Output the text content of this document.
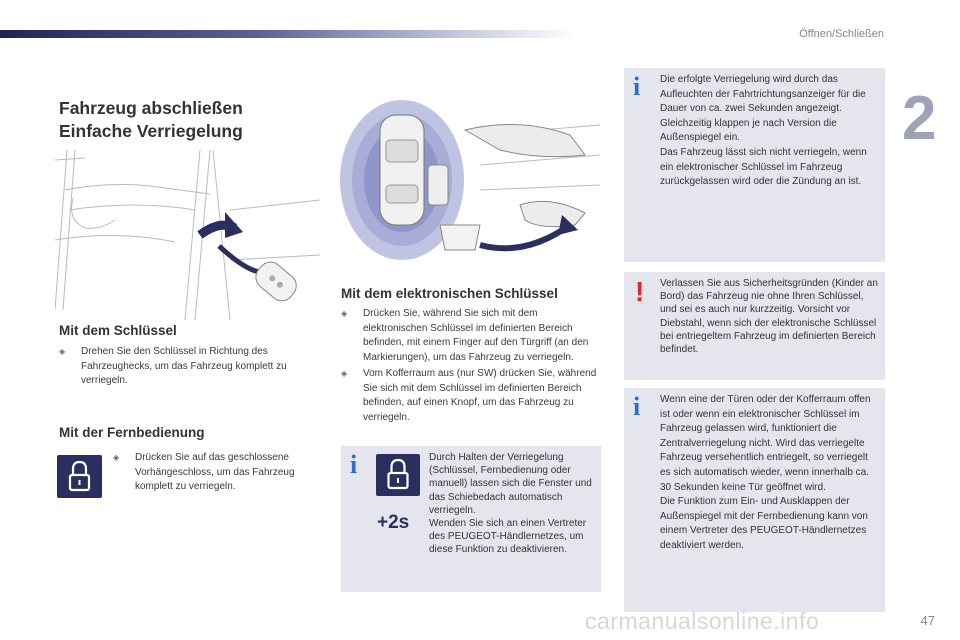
Öffnen/Schließen
2
Fahrzeug abschließen
Einfache Verriegelung
Mit dem Schlüssel

◈ Drehen Sie den Schlüssel in Richtung des Fahrzeughecks, um das Fahrzeug komplett zu verriegeln.

Mit der Fernbedienung

◈ Drücken Sie auf das geschlossene Vorhängeschloss, um das Fahrzeug komplett zu verriegeln.

Mit dem elektronischen Schlüssel

◈ Drücken Sie, während Sie sich mit dem elektronischen Schlüssel im definierten Bereich befinden, mit einem Finger auf den Türgriff (an den Markierungen), um das Fahrzeug zu verriegeln.

◈ Vom Kofferraum aus (nur SW) drücken Sie, während Sie sich mit dem Schlüssel im definierten Bereich befinden, auf einen Knopf, um das Fahrzeug zu verriegeln.

i
+2s

Durch Halten der Verriegelung (Schlüssel, Fernbedienung oder manuell) lassen sich die Fenster und das Schiebedach automatisch verriegeln.

Wenden Sie sich an einen Vertreter des PEUGEOT-Händlernetzes, um diese Funktion zu deaktivieren.

i Die erfolgte Verriegelung wird durch das Aufleuchten der Fahrtrichtungsanzeiger für die Dauer von ca. zwei Sekunden angezeigt. Gleichzeitig klappen je nach Version die Außenspiegel ein.

Das Fahrzeug lässt sich nicht verriegeln, wenn ein elektronischer Schlüssel im Fahrzeug zurückgelassen wird oder die Zündung an ist.

! Verlassen Sie aus Sicherheitsgründen (Kinder an Bord) das Fahrzeug nie ohne Ihren Schlüssel, und sei es auch nur kurzzeitig. Vorsicht vor Diebstahl, wenn sich der elektronische Schlüssel bei entriegeltem Fahrzeug im definierten Bereich befindet.
i Wenn eine der Türen oder der Kofferraum offen ist oder wenn ein elektronischer Schlüssel im Fahrzeug gelassen wird, funktioniert die Zentralverriegelung nicht. Wird das verriegelte Fahrzeug versehentlich entriegelt, so verriegelt es sich automatisch wieder, wenn innerhalb ca. 30 Sekunden keine Tür geöffnet wird.

Die Funktion zum Ein- und Ausklappen der Außenspiegel mit der Fernbedienung kann von einem Vertreter des PEUGEOT-Händlernetzes deaktiviert werden.

carmanualsonline.info	47
